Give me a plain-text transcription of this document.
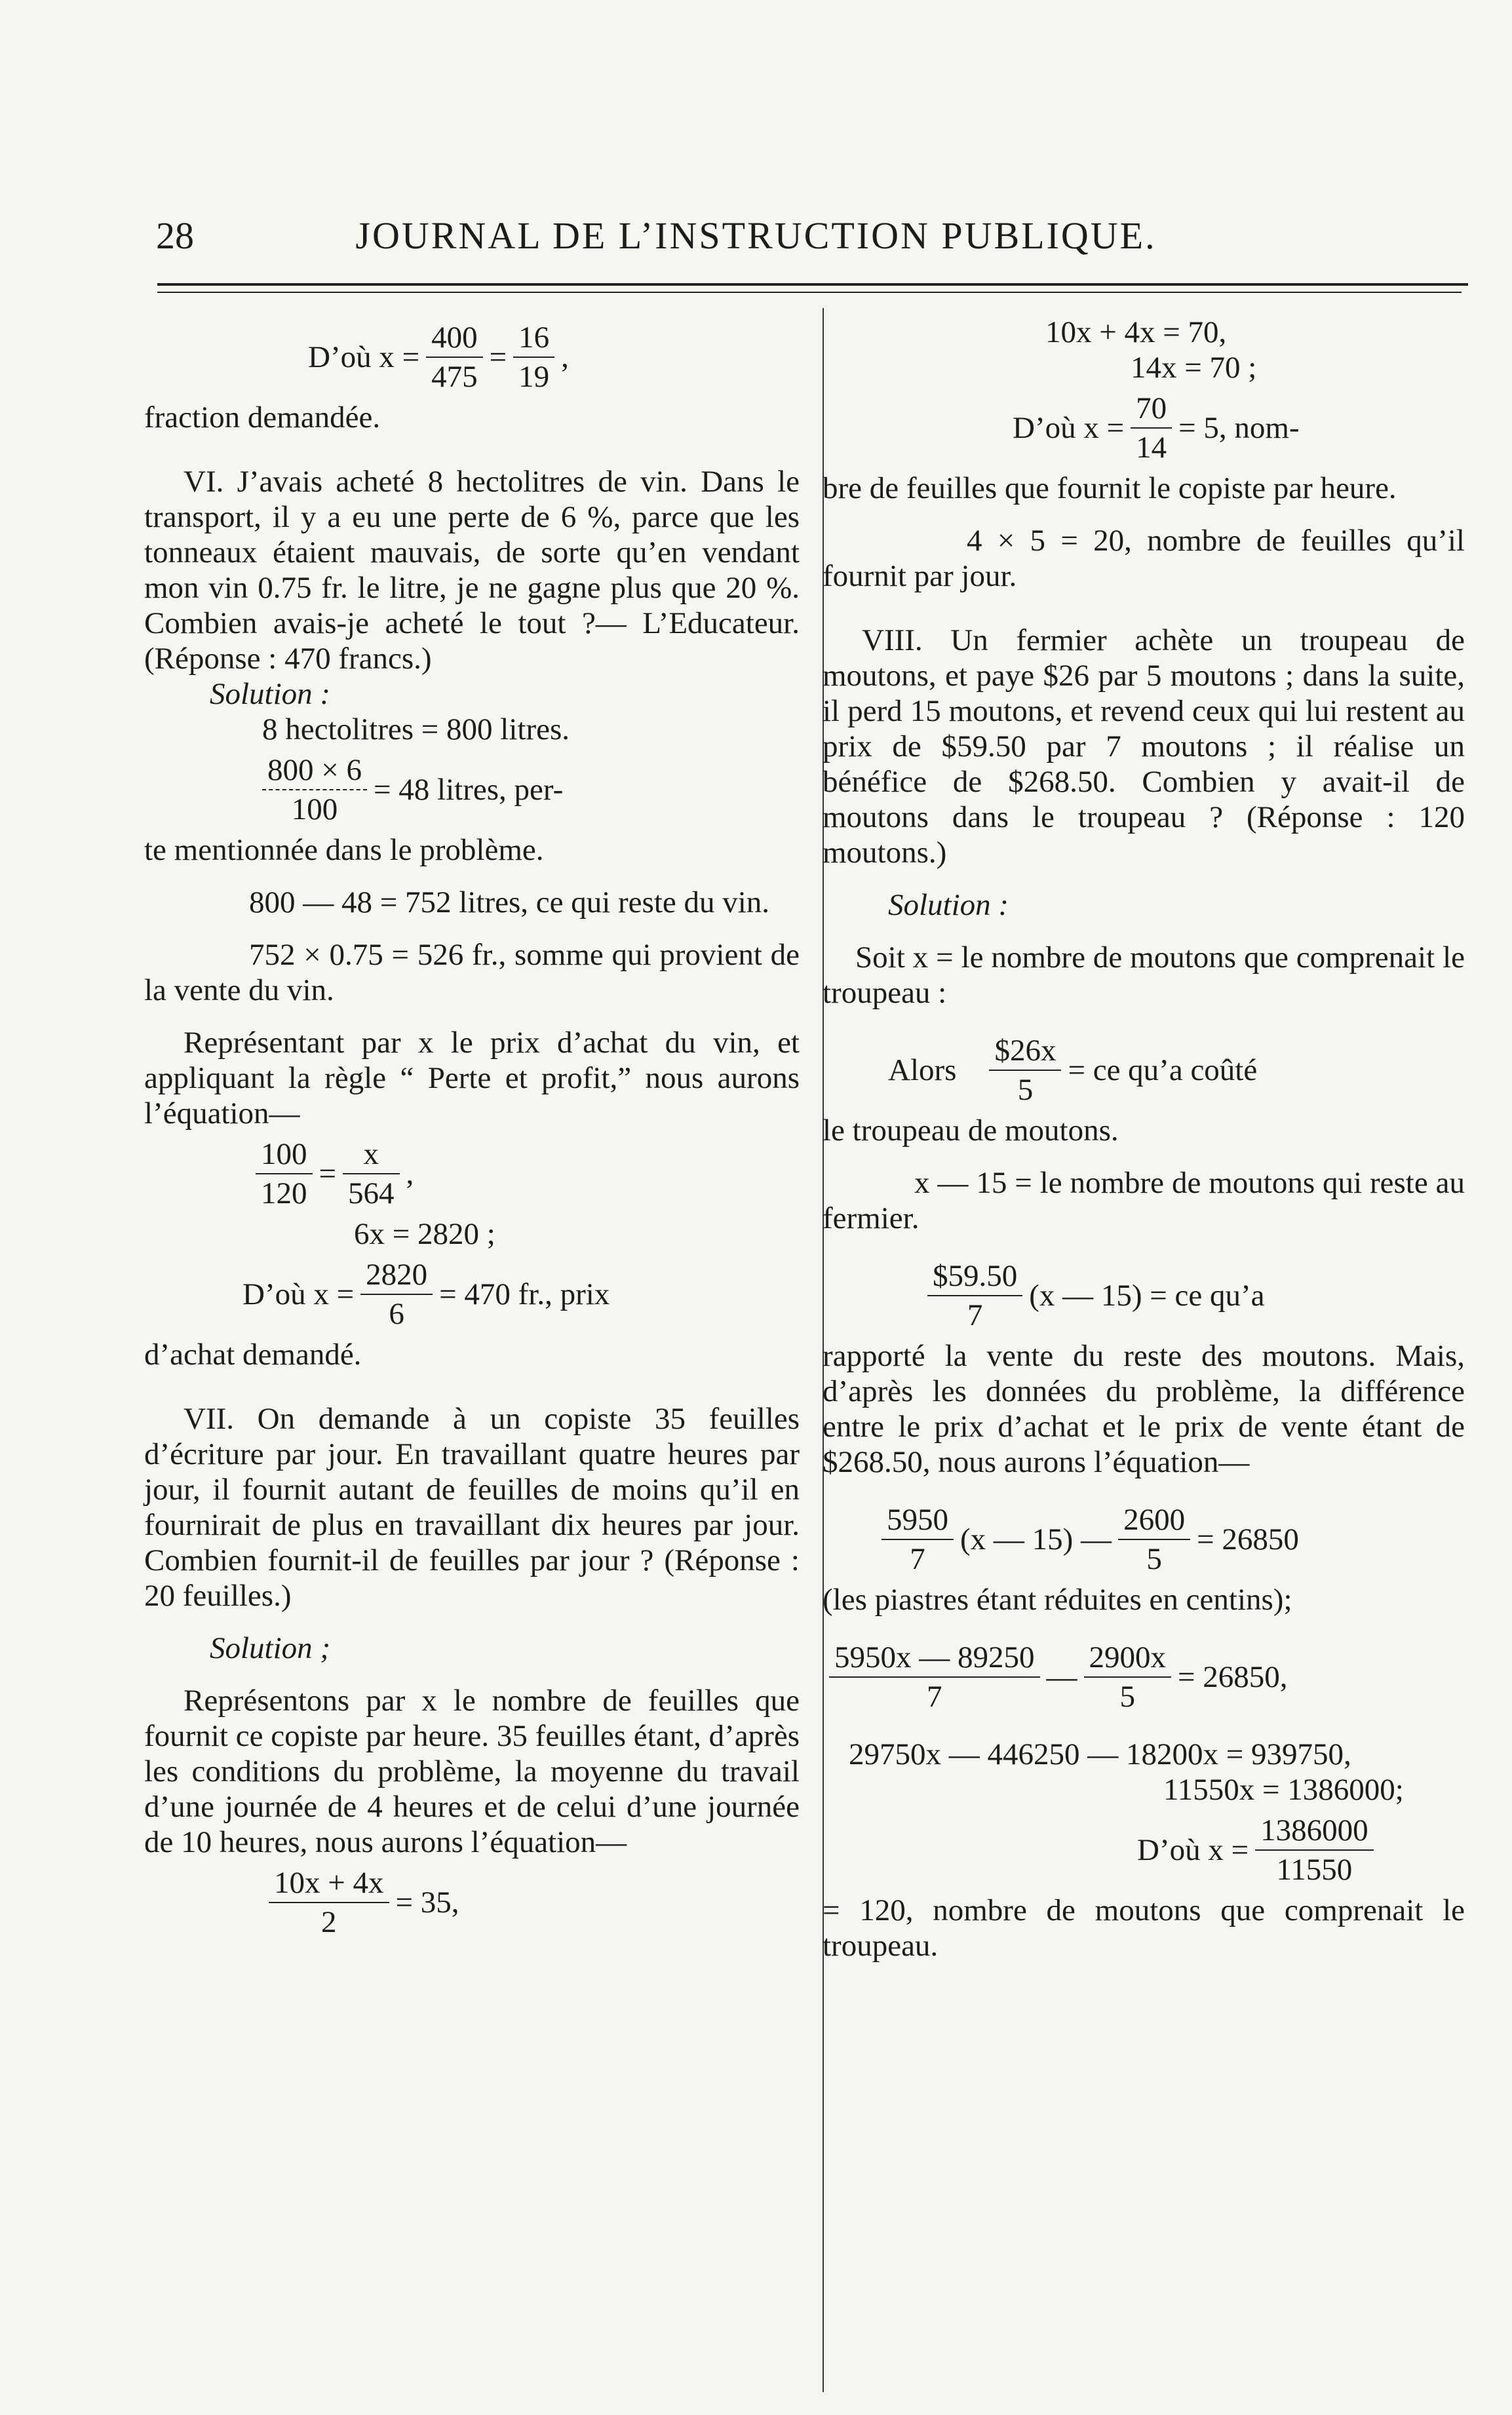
JOURNAL DE L’INSTRUCTION PUBLIQUE.
28
D’où $x = \frac{400}{475} = \frac{16}{19}$ ,

fraction demandée.

VI. J’avais acheté 8 hectolitres de vin. Dans le transport, il y a eu une perte de 6 %, parce que les tonneaux étaient mauvais, de sorte qu’en vendant mon vin 0.75 fr. le litre, je ne gagne plus que 20 %. Combien avais-je acheté le tout ?— L’Educateur. (Réponse : 470 francs.)

Solution :

8 hectolitres = 800 litres.

$\frac{800 \times 6}{100} = 48$ litres, per-

te mentionnée dans le problème.

800 — 48 = 752 litres, ce qui reste du vin.

752 × 0.75 = 526 fr., somme qui provient de la vente du vin.

Représentant par x le prix d’achat du vin, et appliquant la règle “ Perte et profit,” nous aurons l’équation—

$\frac{100}{120} = \frac{x}{564}$ ,

6x = 2820 ;

D’où $x = \frac{2820}{6} = 470$ fr., prix

d’achat demandé.

VII. On demande à un copiste 35 feuilles d’écriture par jour. En travaillant quatre heures par jour, il fournit autant de feuilles de moins qu’il en fournirait de plus en travaillant dix heures par jour. Combien fournit-il de feuilles par jour ? (Réponse : 20 feuilles.)

Solution ;

Représentons par x le nombre de feuilles que fournit ce copiste par heure. 35 feuilles étant, d’après les conditions du problème, la moyenne du travail d’une journée de 4 heures et de celui d’une journée de 10 heures, nous aurons l’équation—

$\frac{10x + 4x}{2} = 35$,

10x + 4x = 70,

14x = 70 ;

D’où $x = \frac{70}{14} = 5$, nom-

bre de feuilles que fournit le copiste par heure.

4 × 5 = 20, nombre de feuilles qu’il fournit par jour.

VIII. Un fermier achète un troupeau de moutons, et paye $26 par 5 moutons ; dans la suite, il perd 15 moutons, et revend ceux qui lui restent au prix de $59.50 par 7 moutons ; il réalise un bénéfice de $268.50. Combien y avait-il de moutons dans le troupeau ? (Réponse : 120 moutons.)

Solution :

Soit x = le nombre de moutons que comprenait le troupeau :

Alors $\frac{\$26x}{5}$ = ce qu’a coûté

le troupeau de moutons.

x — 15 = le nombre de moutons qui reste au fermier.

$\frac{\$59.50}{7} (x$ — 15) = ce qu’a

rapporté la vente du reste des moutons. Mais, d’après les données du problème, la différence entre le prix d’achat et le prix de vente étant de $268.50, nous aurons l’équation—

$\frac{5950}{7} (x$ — 15) — $\frac{2600}{5} = 26850$

(les piastres étant réduites en centins);

$\frac{5950x — 89250}{7}$ — $\frac{2900x}{5} = 26850$,

29750x — 446250 — 18200x = 939750,

11550x = 1386000;

D’où $x = \frac{1386000}{11550}$

= 120, nombre de moutons que comprenait le troupeau.
